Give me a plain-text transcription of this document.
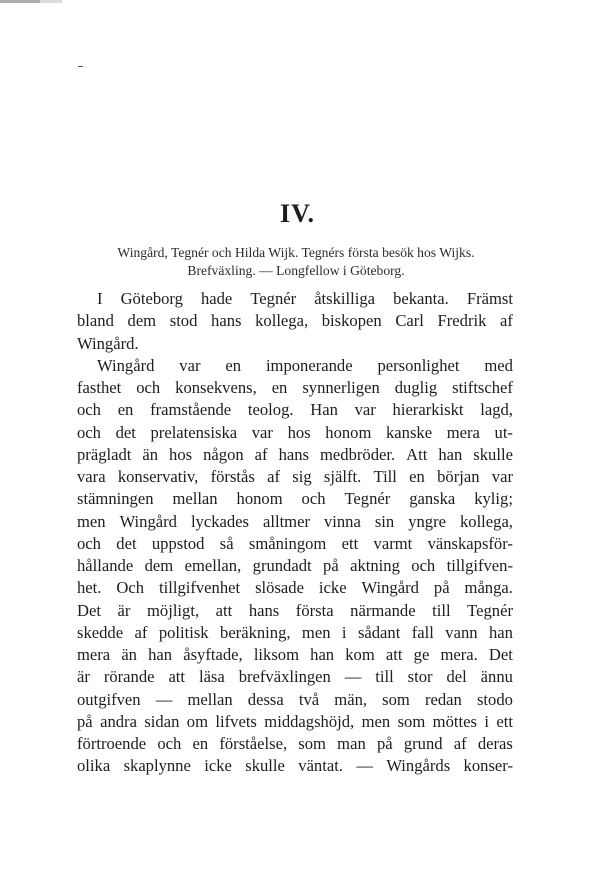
IV.
Wingård, Tegnér och Hilda Wijk. Tegnérs första besök hos Wijks.
Brefväxling. — Longfellow i Göteborg.
I Göteborg hade Tegnér åtskilliga bekanta. Främst
bland dem stod hans kollega, biskopen Carl Fredrik af
Wingård.
Wingård var en imponerande personlighet med
fasthet och konsekvens, en synnerligen duglig stiftschef
och en framstående teolog. Han var hierarkiskt lagd,
och det prelatensiska var hos honom kanske mera ut-
prägladt än hos någon af hans medbröder. Att han skulle
vara konservativ, förstås af sig själft. Till en början var
stämningen mellan honom och Tegnér ganska kylig;
men Wingård lyckades alltmer vinna sin yngre kollega,
och det uppstod så småningom ett varmt vänskapsför-
hållande dem emellan, grundadt på aktning och tillgifven-
het. Och tillgifvenhet slösade icke Wingård på många.
Det är möjligt, att hans första närmande till Tegnér
skedde af politisk beräkning, men i sådant fall vann han
mera än han åsyftade, liksom han kom att ge mera. Det
är rörande att läsa brefväxlingen — till stor del ännu
outgifven — mellan dessa två män, som redan stodo
på andra sidan om lifvets middagshöjd, men som möttes i ett
förtroende och en förståelse, som man på grund af deras
olika skaplynne icke skulle väntat. — Wingårds konser-
